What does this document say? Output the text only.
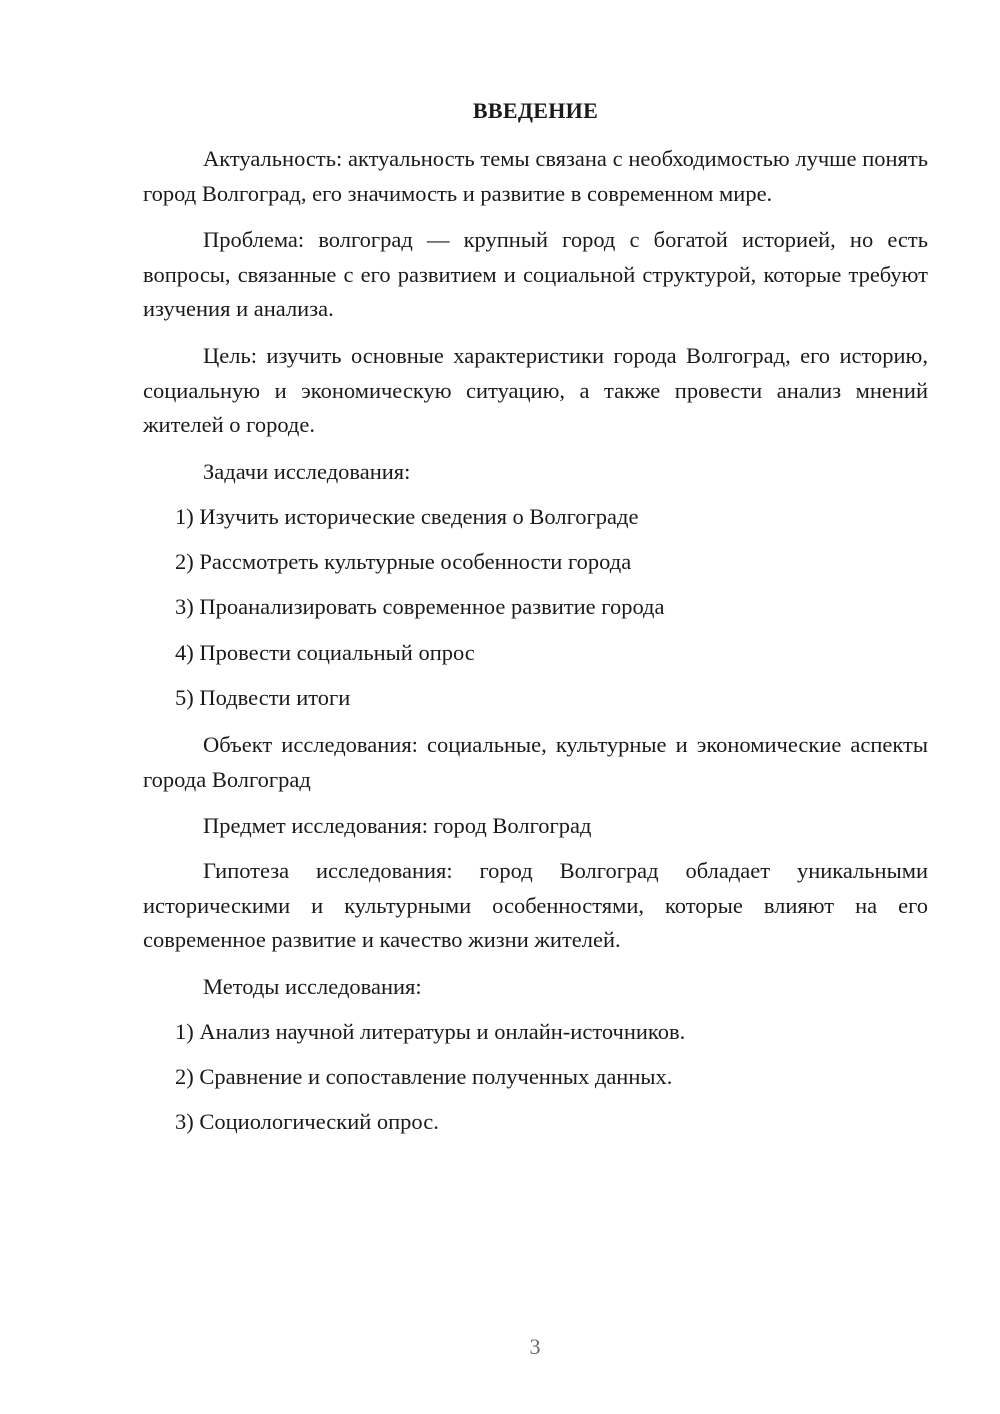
ВВЕДЕНИЕ

Актуальность: актуальность темы связана с необходимостью лучше понять город Волгоград, его значимость и развитие в современном мире.

Проблема: волгоград — крупный город с богатой историей, но есть вопросы, связанные с его развитием и социальной структурой, которые требуют изучения и анализа.

Цель: изучить основные характеристики города Волгоград, его историю, социальную и экономическую ситуацию, а также провести анализ мнений жителей о городе.

Задачи исследования:

1) Изучить исторические сведения о Волгограде

2) Рассмотреть культурные особенности города

3) Проанализировать современное развитие города

4) Провести социальный опрос

5) Подвести итоги

Объект исследования: социальные, культурные и экономические аспекты города Волгоград

Предмет исследования: город Волгоград

Гипотеза исследования: город Волгоград обладает уникальными историческими и культурными особенностями, которые влияют на его современное развитие и качество жизни жителей.

Методы исследования:

1) Анализ научной литературы и онлайн-источников.

2) Сравнение и сопоставление полученных данных.

3) Социологический опрос.

3
